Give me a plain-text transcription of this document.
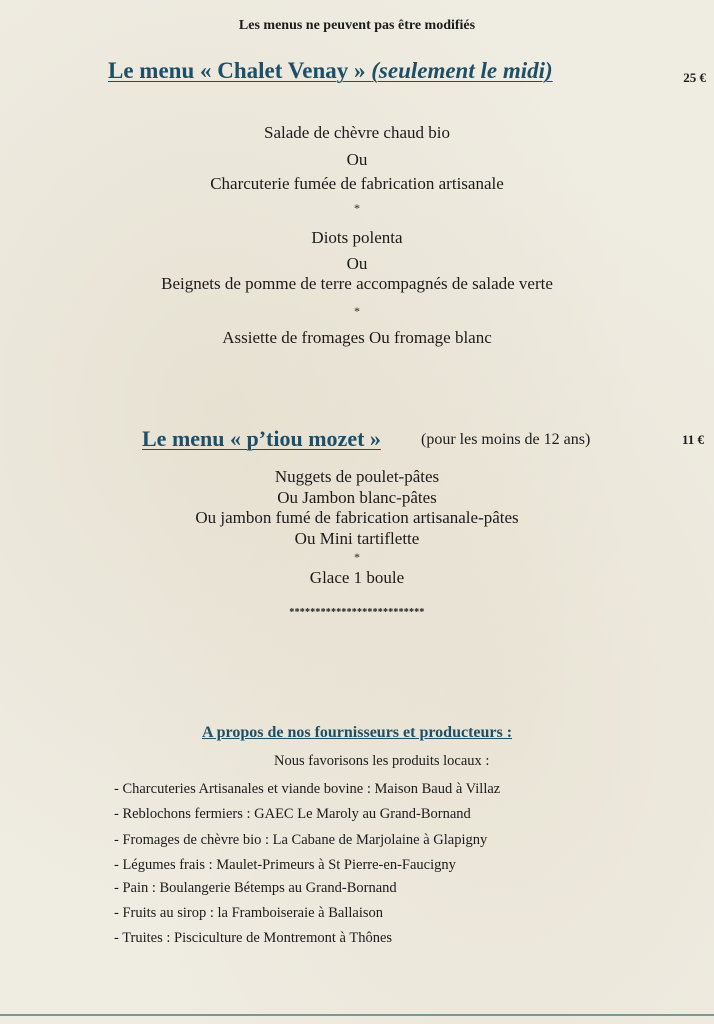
Les menus ne peuvent pas être modifiés
Le menu « Chalet Venay » (seulement le midi)	25 €
Salade de chèvre chaud bio
Ou
Charcuterie fumée de fabrication artisanale
*
Diots polenta
Ou
Beignets de pomme de terre accompagnés de salade verte
*
Assiette de fromages Ou fromage blanc
Le menu « p’tiou mozet »	(pour les moins de 12 ans)	11 €
Nuggets de poulet-pâtes
Ou Jambon blanc-pâtes
Ou jambon fumé de fabrication artisanale-pâtes
Ou Mini tartiflette
*
Glace 1 boule
**************************
A propos de nos fournisseurs et producteurs :
Nous favorisons les produits locaux :
- Charcuteries Artisanales et viande bovine : Maison Baud à Villaz
- Reblochons fermiers : GAEC Le Maroly au Grand-Bornand
- Fromages de chèvre bio : La Cabane de Marjolaine à Glapigny
- Légumes frais : Maulet-Primeurs à St Pierre-en-Faucigny
- Pain : Boulangerie Bétemps au Grand-Bornand
- Fruits au sirop : la Framboiseraie à Ballaison
- Truites : Pisciculture de Montremont à Thônes
